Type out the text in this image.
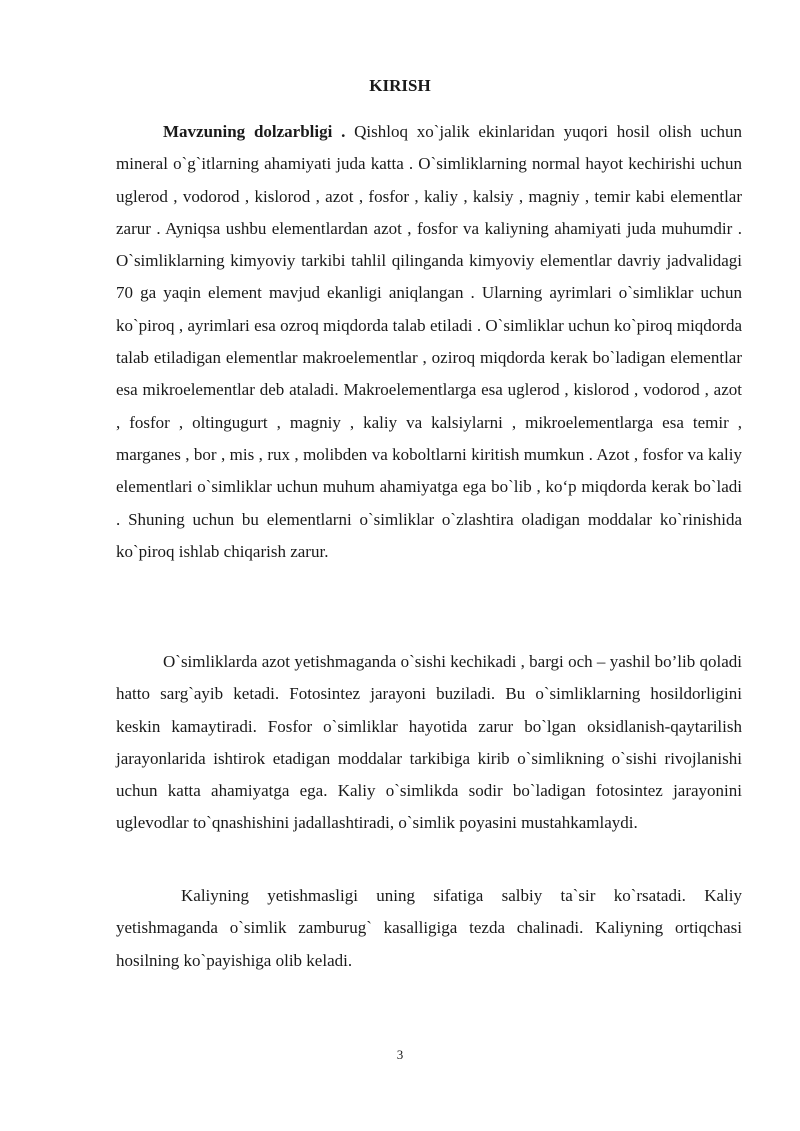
KIRISH

Mavzuning dolzarbligi . Qishloq xo`jalik ekinlaridan yuqori hosil olish uchun mineral o`g`itlarning ahamiyati juda katta . O`simliklarning normal hayot kechirishi uchun uglerod , vodorod , kislorod , azot , fosfor , kaliy , kalsiy , magniy , temir kabi elementlar zarur . Ayniqsa ushbu elementlardan azot , fosfor va kaliyning ahamiyati juda muhumdir . O`simliklarning kimyoviy tarkibi tahlil qilinganda kimyoviy elementlar davriy jadvalidagi 70 ga yaqin element mavjud ekanligi aniqlangan . Ularning ayrimlari o`simliklar uchun ko`piroq , ayrimlari esa ozroq miqdorda talab etiladi . O`simliklar uchun ko`piroq miqdorda talab etiladigan elementlar makroelementlar , oziroq miqdorda kerak bo`ladigan elementlar esa mikroelementlar deb ataladi. Makroelementlarga esa uglerod , kislorod , vodorod , azot , fosfor , oltingugurt , magniy , kaliy va kalsiylarni , mikroelementlarga esa temir , marganes , bor , mis , rux , molibden va koboltlarni kiritish mumkun . Azot , fosfor va kaliy elementlari o`simliklar uchun muhum ahamiyatga ega bo`lib , ko‘p miqdorda kerak bo`ladi . Shuning uchun bu elementlarni o`simliklar o`zlashtira oladigan moddalar ko`rinishida ko`piroq ishlab chiqarish zarur.

O`simliklarda azot yetishmaganda o`sishi kechikadi , bargi och – yashil bo’lib qoladi hatto sarg`ayib ketadi. Fotosintez jarayoni buziladi. Bu o`simliklarning hosildorligini keskin kamaytiradi. Fosfor o`simliklar hayotida zarur bo`lgan oksidlanish-qaytarilish jarayonlarida ishtirok etadigan moddalar tarkibiga kirib o`simlikning o`sishi rivojlanishi uchun katta ahamiyatga ega. Kaliy o`simlikda sodir bo`ladigan fotosintez jarayonini uglevodlar to`qnashishini jadallashtiradi, o`simlik poyasini mustahkamlaydi.

Kaliyning yetishmasligi uning sifatiga salbiy ta`sir ko`rsatadi. Kaliy yetishmaganda o`simlik zamburug` kasalligiga tezda chalinadi. Kaliyning ortiqchasi hosilning ko`payishiga olib keladi.

3
